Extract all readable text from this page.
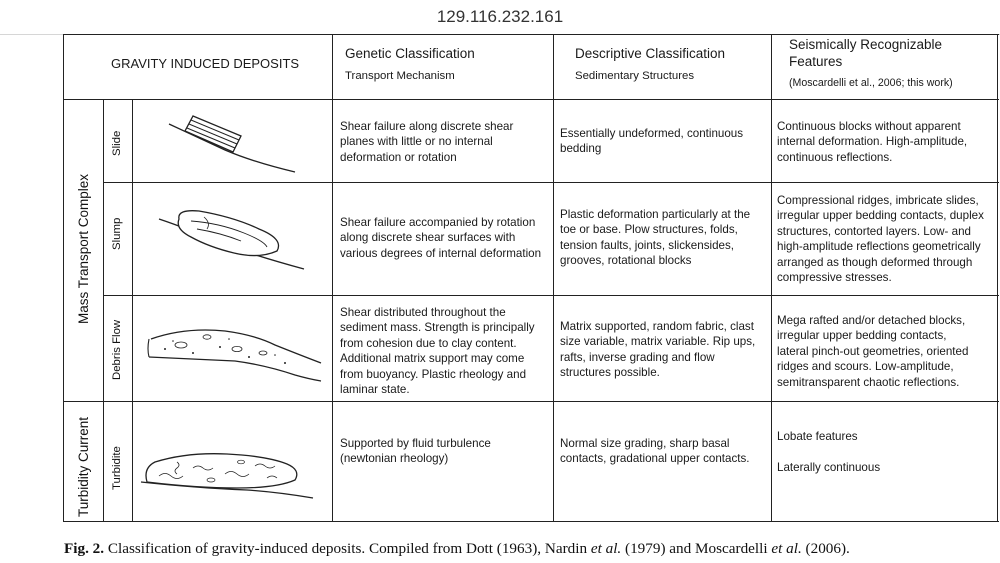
129.116.232.161
GRAVITY INDUCED DEPOSITS
Genetic Classification
Transport Mechanism
Descriptive Classification
Sedimentary Structures
Seismically Recognizable
Features
(Moscardelli et al., 2006; this work)
Mass Transport Complex
Turbidity Current
Slide
Slump
Debris Flow
Turbidite
Shear failure along discrete shear
planes with little or no internal
deformation or rotation
Essentially undeformed, continuous
bedding
Continuous blocks without apparent
internal deformation. High-amplitude,
continuous reflections.
Shear failure accompanied by rotation
along discrete shear surfaces with
various degrees of internal deformation
Plastic deformation particularly at the
toe or base. Plow structures, folds,
tension faults, joints, slickensides,
grooves, rotational blocks
Compressional ridges, imbricate slides,
irregular upper bedding contacts, duplex
structures, contorted layers. Low- and
high-amplitude reflections geometrically
arranged as though deformed through
compressive stresses.
Shear distributed throughout the
sediment mass. Strength is principally
from cohesion due to clay content.
Additional matrix support may come
from buoyancy. Plastic rheology and
laminar state.
Matrix supported, random fabric, clast
size variable, matrix variable. Rip ups,
rafts, inverse grading and flow
structures possible.
Mega rafted and/or detached blocks,
irregular upper bedding contacts,
lateral pinch-out geometries, oriented
ridges and scours. Low-amplitude,
semitransparent chaotic reflections.
Supported by fluid turbulence
(newtonian rheology)
Normal size grading, sharp basal
contacts, gradational upper contacts.
Lobate features
Laterally continuous
Fig. 2. Classification of gravity-induced deposits. Compiled from Dott (1963), Nardin et al. (1979) and Moscardelli et al. (2006).
